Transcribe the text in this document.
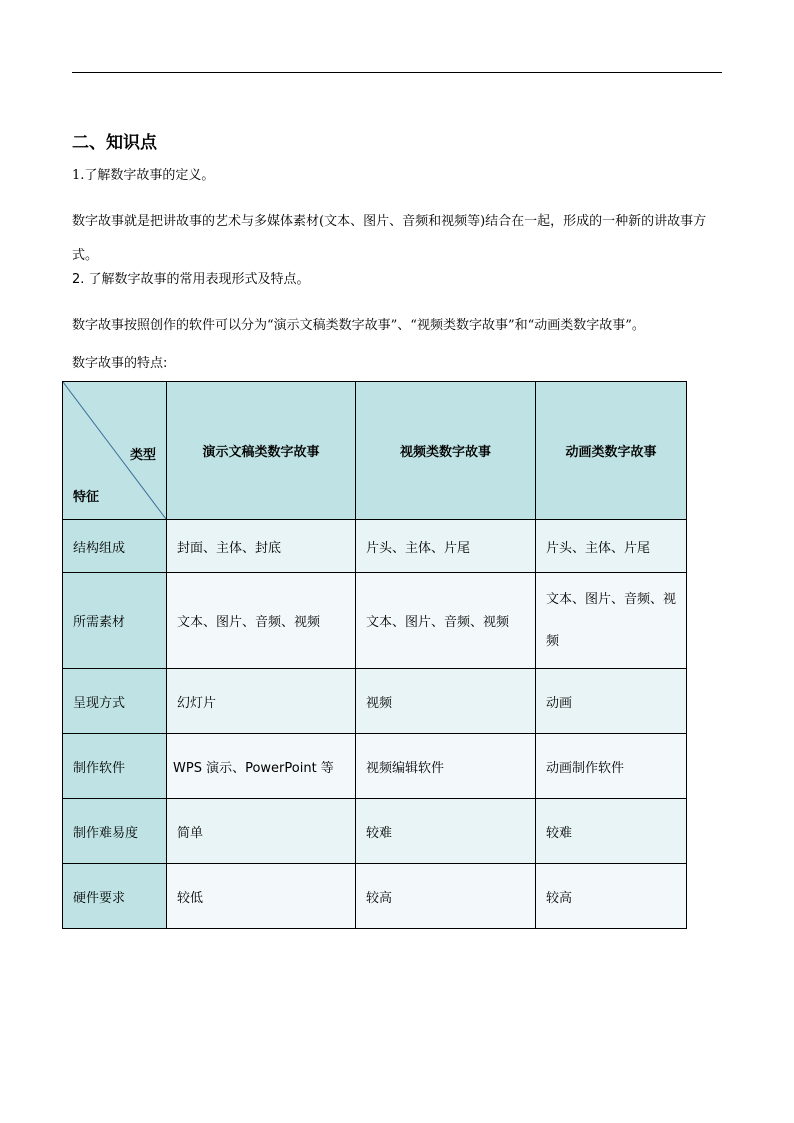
二、知识点

1.了解数字故事的定义。

数字故事就是把讲故事的艺术与多媒体素材(文本、图片、音频和视频等)结合在一起，形成的一种新的讲故事方式。

2. 了解数字故事的常用表现形式及特点。

数字故事按照创作的软件可以分为“演示文稿类数字故事”、“视频类数字故事”和“动画类数字故事”。

数字故事的特点:

类型
特征	演示文稿类数字故事	视频类数字故事	动画类数字故事
结构组成	封面、主体、封底	片头、主体、片尾	片头、主体、片尾
所需素材	文本、图片、音频、视频	文本、图片、音频、视频	文本、图片、音频、视频
呈现方式	幻灯片	视频	动画
制作软件	WPS 演示、PowerPoint 等	视频编辑软件	动画制作软件
制作难易度	简单	较难	较难
硬件要求	较低	较高	较高
